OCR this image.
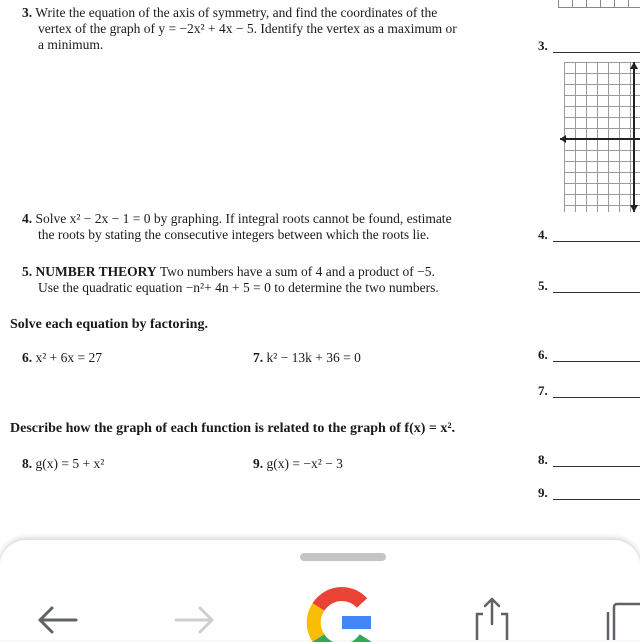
3. Write the equation of the axis of symmetry, and find the coordinates of the
vertex of the graph of y = −2x² + 4x − 5. Identify the vertex as a maximum or
a minimum.
4. Solve x² − 2x − 1 = 0 by graphing. If integral roots cannot be found, estimate
the roots by stating the consecutive integers between which the roots lie.
5. NUMBER THEORY Two numbers have a sum of 4 and a product of −5.
Use the quadratic equation −n²+ 4n + 5 = 0 to determine the two numbers.
Solve each equation by factoring.
6. x² + 6x = 27	7. k² − 13k + 36 = 0
Describe how the graph of each function is related to the graph of f(x) = x².
8. g(x) = 5 + x²	9. g(x) = −x² − 3
3.
4.
5.
6.
7.
8.
9.
